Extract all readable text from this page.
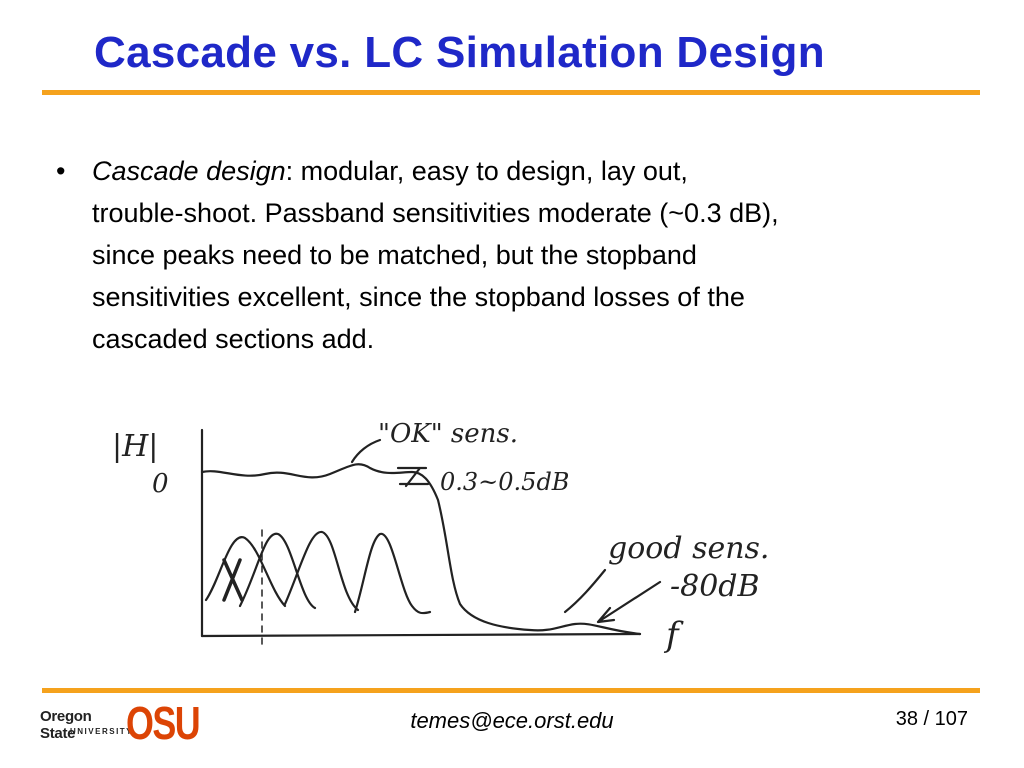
Cascade vs. LC Simulation Design
• Cascade design: modular, easy to design, lay out,
trouble-shoot. Passband sensitivities moderate (~0.3 dB),
since peaks need to be matched, but the stopband
sensitivities excellent, since the stopband losses of the
cascaded sections add.
|H|
0
"OK" sens.
0.3~0.5dB
good sens.
-80dB
f
Oregon State
UNIVERSITY
OSU	temes@ece.orst.edu	38 / 107
